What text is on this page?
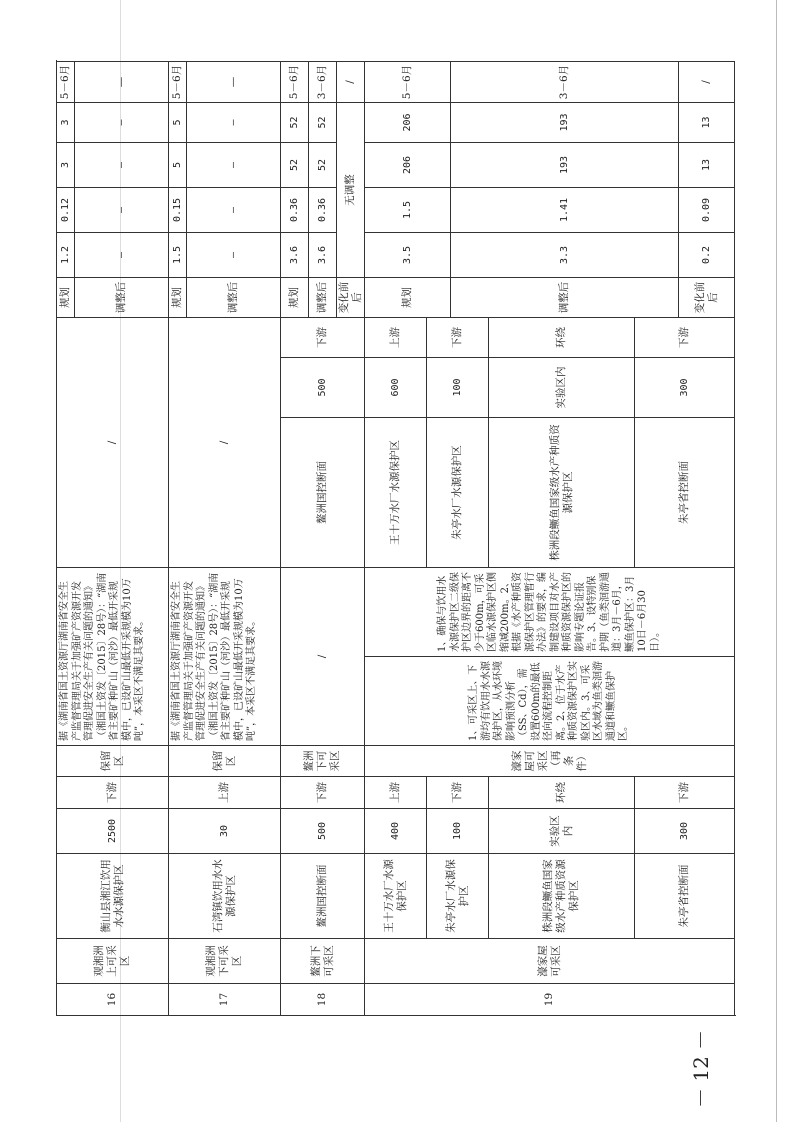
－ 12 －
16
观湘洲上可采区
衡山县湘江饮用水水源保护区
2500
下游
保留区
据《湖南省国土资源厅湖南省安全生产监督管理局关于加强矿产资源开发管理促进安全生产有关问题的通知》（湘国土资发〔2015〕28号）：“湖南省主要矿种矿山（河沙）最低开采规模中，已设矿山最低开采规模为10万吨”，本采区不满足其要求。
/
规划
1.2
0.12
3
3
5－6月
调整后
—
—
—
—
—
17
观湘洲下可采区
石湾镇饮用水水源保护区
30
上游
保留区
据《湖南省国土资源厅湖南省安全生产监督管理局关于加强矿产资源开发管理促进安全生产有关问题的通知》（湘国土资发〔2015〕28号）：“湖南省主要矿种矿山（河沙）最低开采规模中，已设矿山最低开采规模为10万吨”，本采区不满足其要求。
/
规划
1.5
0.15
5
5
5－6月
调整后
—
—
—
—
—
18
鳌洲下可采区
鳌洲国控断面
500
下游
鳌洲下可采区
/
鳌洲国控断面
500
下游
规划
3.6
0.36
52
52
5－6月
调整后
3.6
0.36
52
52
3－6月
变化前后
无调整
/
19
濠家屋可采区
王十万水厂水源保护区
400
上游
朱亭水厂水源保护区
100
下游
株洲段鳜鱼国家级水产种质资源保护区
实验区内
环绕
朱亭省控断面
300
下游
濠家屋可采区（再条件）
1、可采区上、下游均有饮用水水源保护区，从水环境影响预测分析（SS、Cd），需设置600m的最低径向流程控制距离。2、位于水产种质资源保护区实验区内。3、可采区水域为鱼类洄游通道和鳜鱼保护区。
1、确保与饮用水水源保护区二级保护区边界的距离不少于600m，可采区临水源保护区侧缩减200m。2、根据《水产种质资源保护区管理暂行办法》的要求，编制建设项目对水产种质资源保护区的影响专题论证报告。3、设特别保护期（鱼类洄游通道：3月－6月，鳜鱼保护区：3月10日－6月30日）。
王十万水厂水源保护区
600
上游
朱亭水厂水源保护区
100
下游
株洲段鳜鱼国家级水产种质资源保护区
实验区内
环绕
朱亭省控断面
300
下游
规划
3.5
1.5
206
206
5－6月
调整后
3.3
1.41
193
193
3－6月
变化前后
0.2
0.09
13
13
/
